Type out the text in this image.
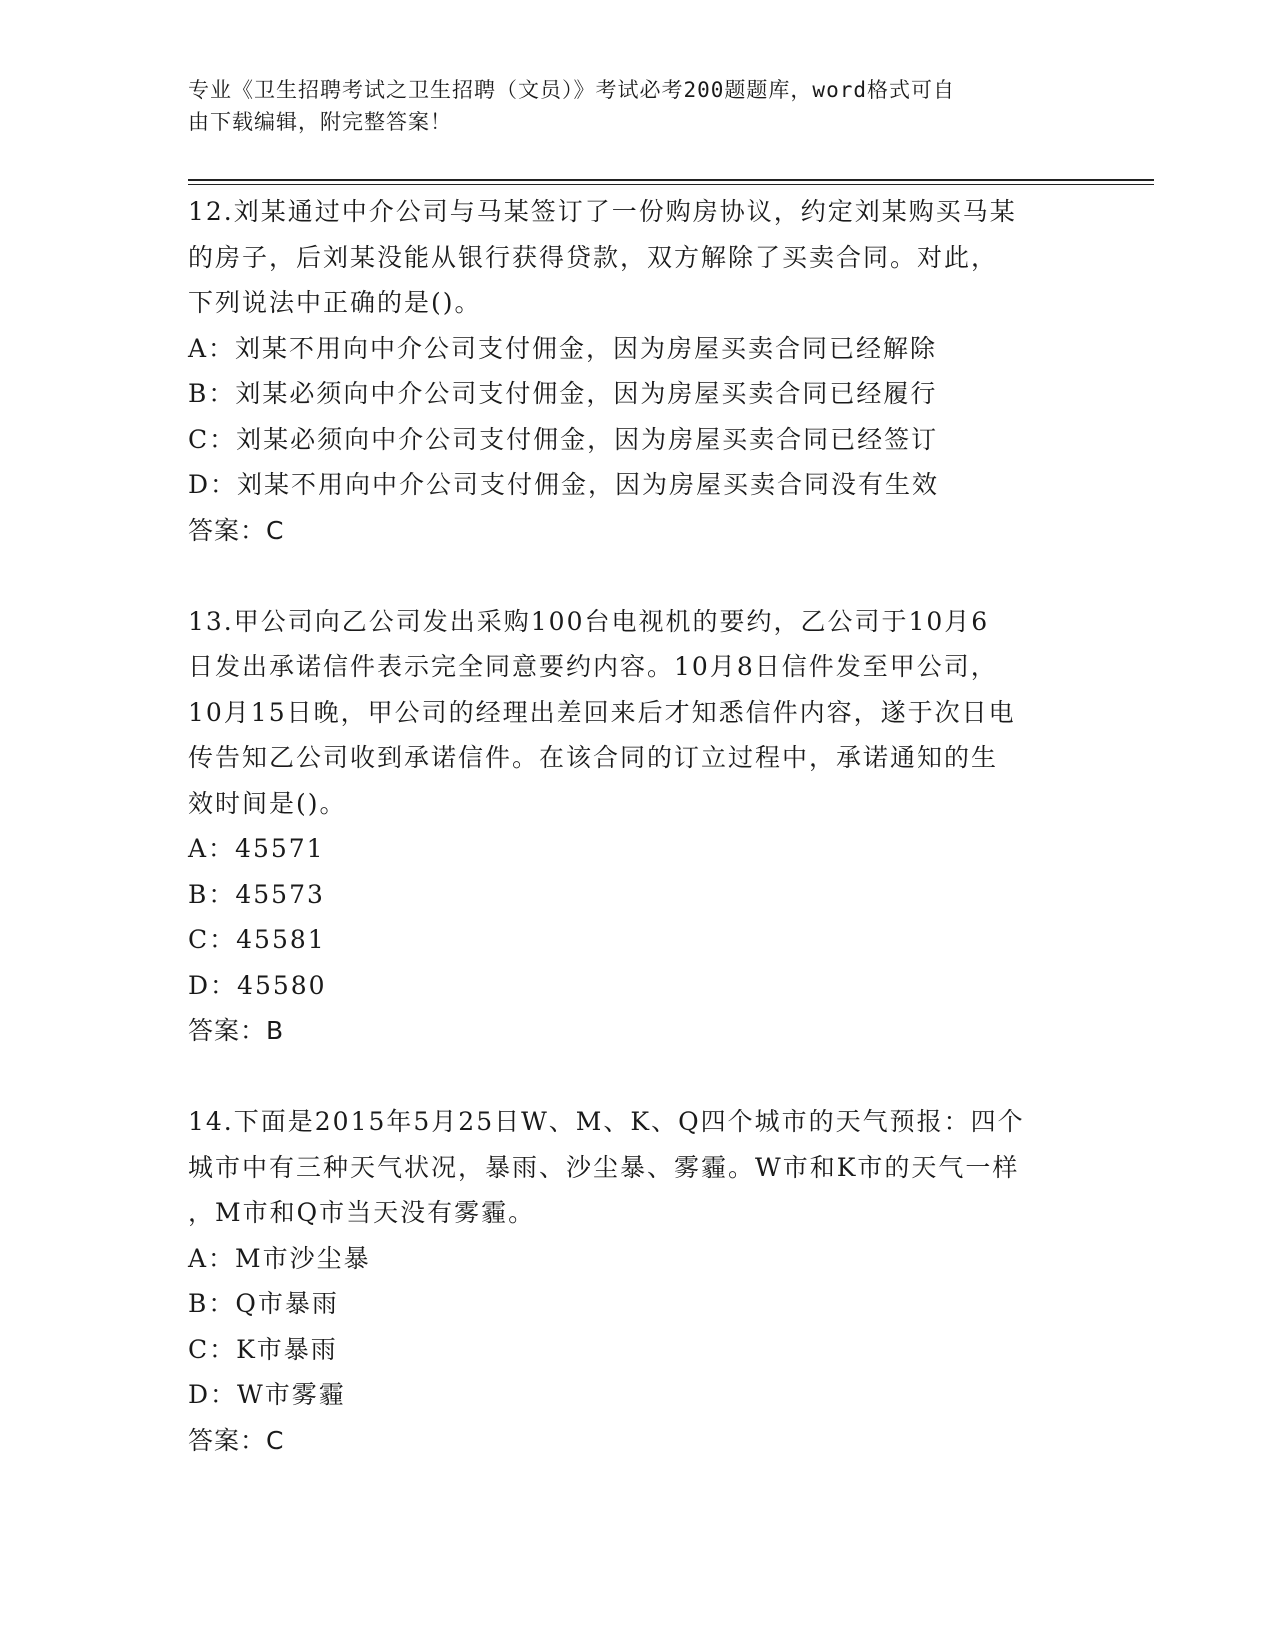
专业《卫生招聘考试之卫生招聘（文员）》考试必考200题题库，word格式可自
由下载编辑，附完整答案！

12.刘某通过中介公司与马某签订了一份购房协议，约定刘某购买马某

的房子，后刘某没能从银行获得贷款，双方解除了买卖合同。对此，

下列说法中正确的是()。

A：刘某不用向中介公司支付佣金，因为房屋买卖合同已经解除

B：刘某必须向中介公司支付佣金，因为房屋买卖合同已经履行

C：刘某必须向中介公司支付佣金，因为房屋买卖合同已经签订

D：刘某不用向中介公司支付佣金，因为房屋买卖合同没有生效

答案：C

13.甲公司向乙公司发出采购100台电视机的要约，乙公司于10月6

日发出承诺信件表示完全同意要约内容。10月8日信件发至甲公司，

10月15日晚，甲公司的经理出差回来后才知悉信件内容，遂于次日电

传告知乙公司收到承诺信件。在该合同的订立过程中，承诺通知的生

效时间是()。

A：45571

B：45573

C：45581

D：45580

答案：B

14.下面是2015年5月25日W、M、K、Q四个城市的天气预报：四个

城市中有三种天气状况，暴雨、沙尘暴、雾霾。W市和K市的天气一样

，M市和Q市当天没有雾霾。

A：M市沙尘暴

B：Q市暴雨

C：K市暴雨

D：W市雾霾

答案：C
